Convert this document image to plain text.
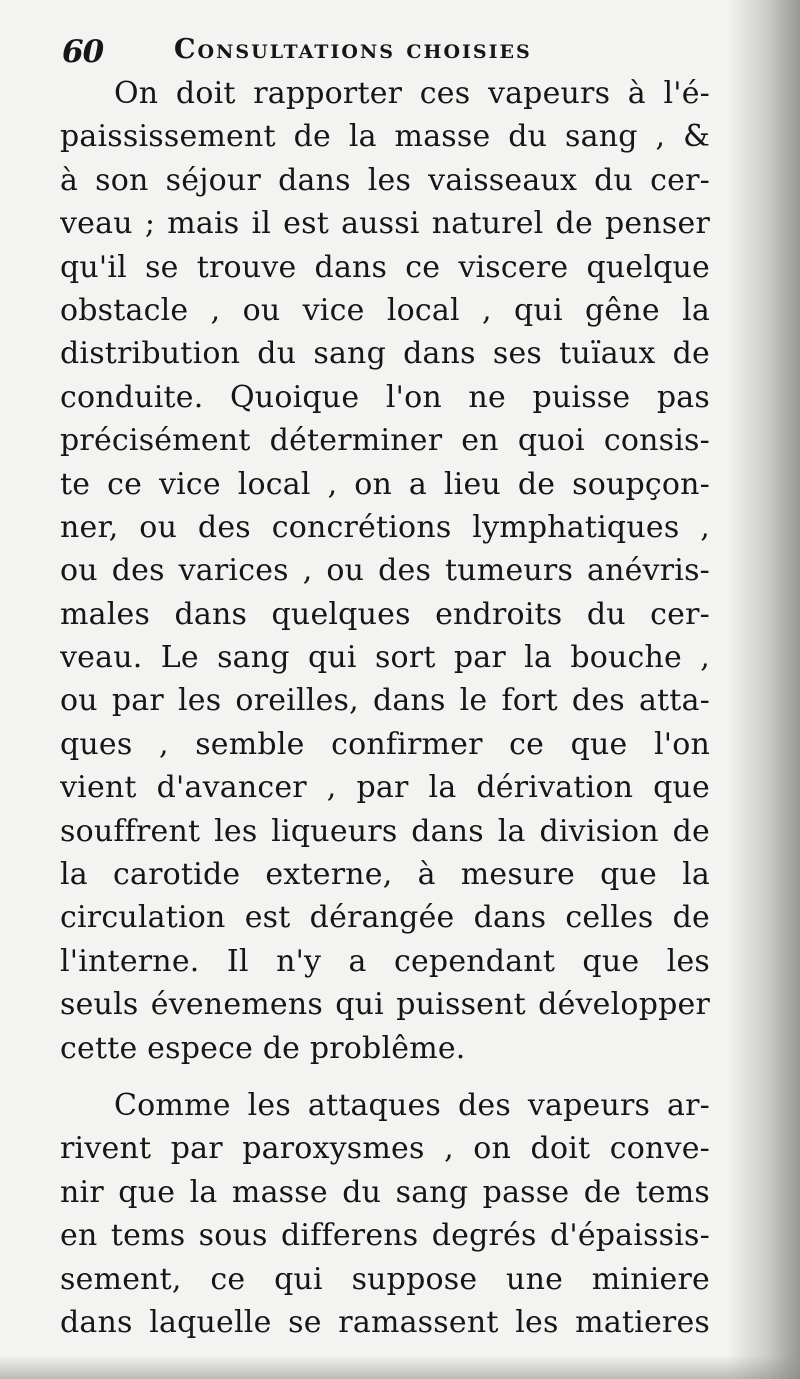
60	Consultations choisies
On doit rapporter ces vapeurs à l'é-
paississement de la masse du sang , &
à son séjour dans les vaisseaux du cer-
veau ; mais il est aussi naturel de penser
qu'il se trouve dans ce viscere quelque
obstacle , ou vice local , qui gêne la
distribution du sang dans ses tuïaux de
conduite. Quoique l'on ne puisse pas
précisément déterminer en quoi consis-
te ce vice local , on a lieu de soupçon-
ner, ou des concrétions lymphatiques ,
ou des varices , ou des tumeurs anévris-
males dans quelques endroits du cer-
veau. Le sang qui sort par la bouche ,
ou par les oreilles, dans le fort des atta-
ques , semble confirmer ce que l'on
vient d'avancer , par la dérivation que
souffrent les liqueurs dans la division de
la carotide externe, à mesure que la
circulation est dérangée dans celles de
l'interne. Il n'y a cependant que les
seuls évenemens qui puissent développer
cette espece de problême.
Comme les attaques des vapeurs ar-
rivent par paroxysmes , on doit conve-
nir que la masse du sang passe de tems
en tems sous differens degrés d'épaissis-
sement, ce qui suppose une miniere
dans laquelle se ramassent les matieres
